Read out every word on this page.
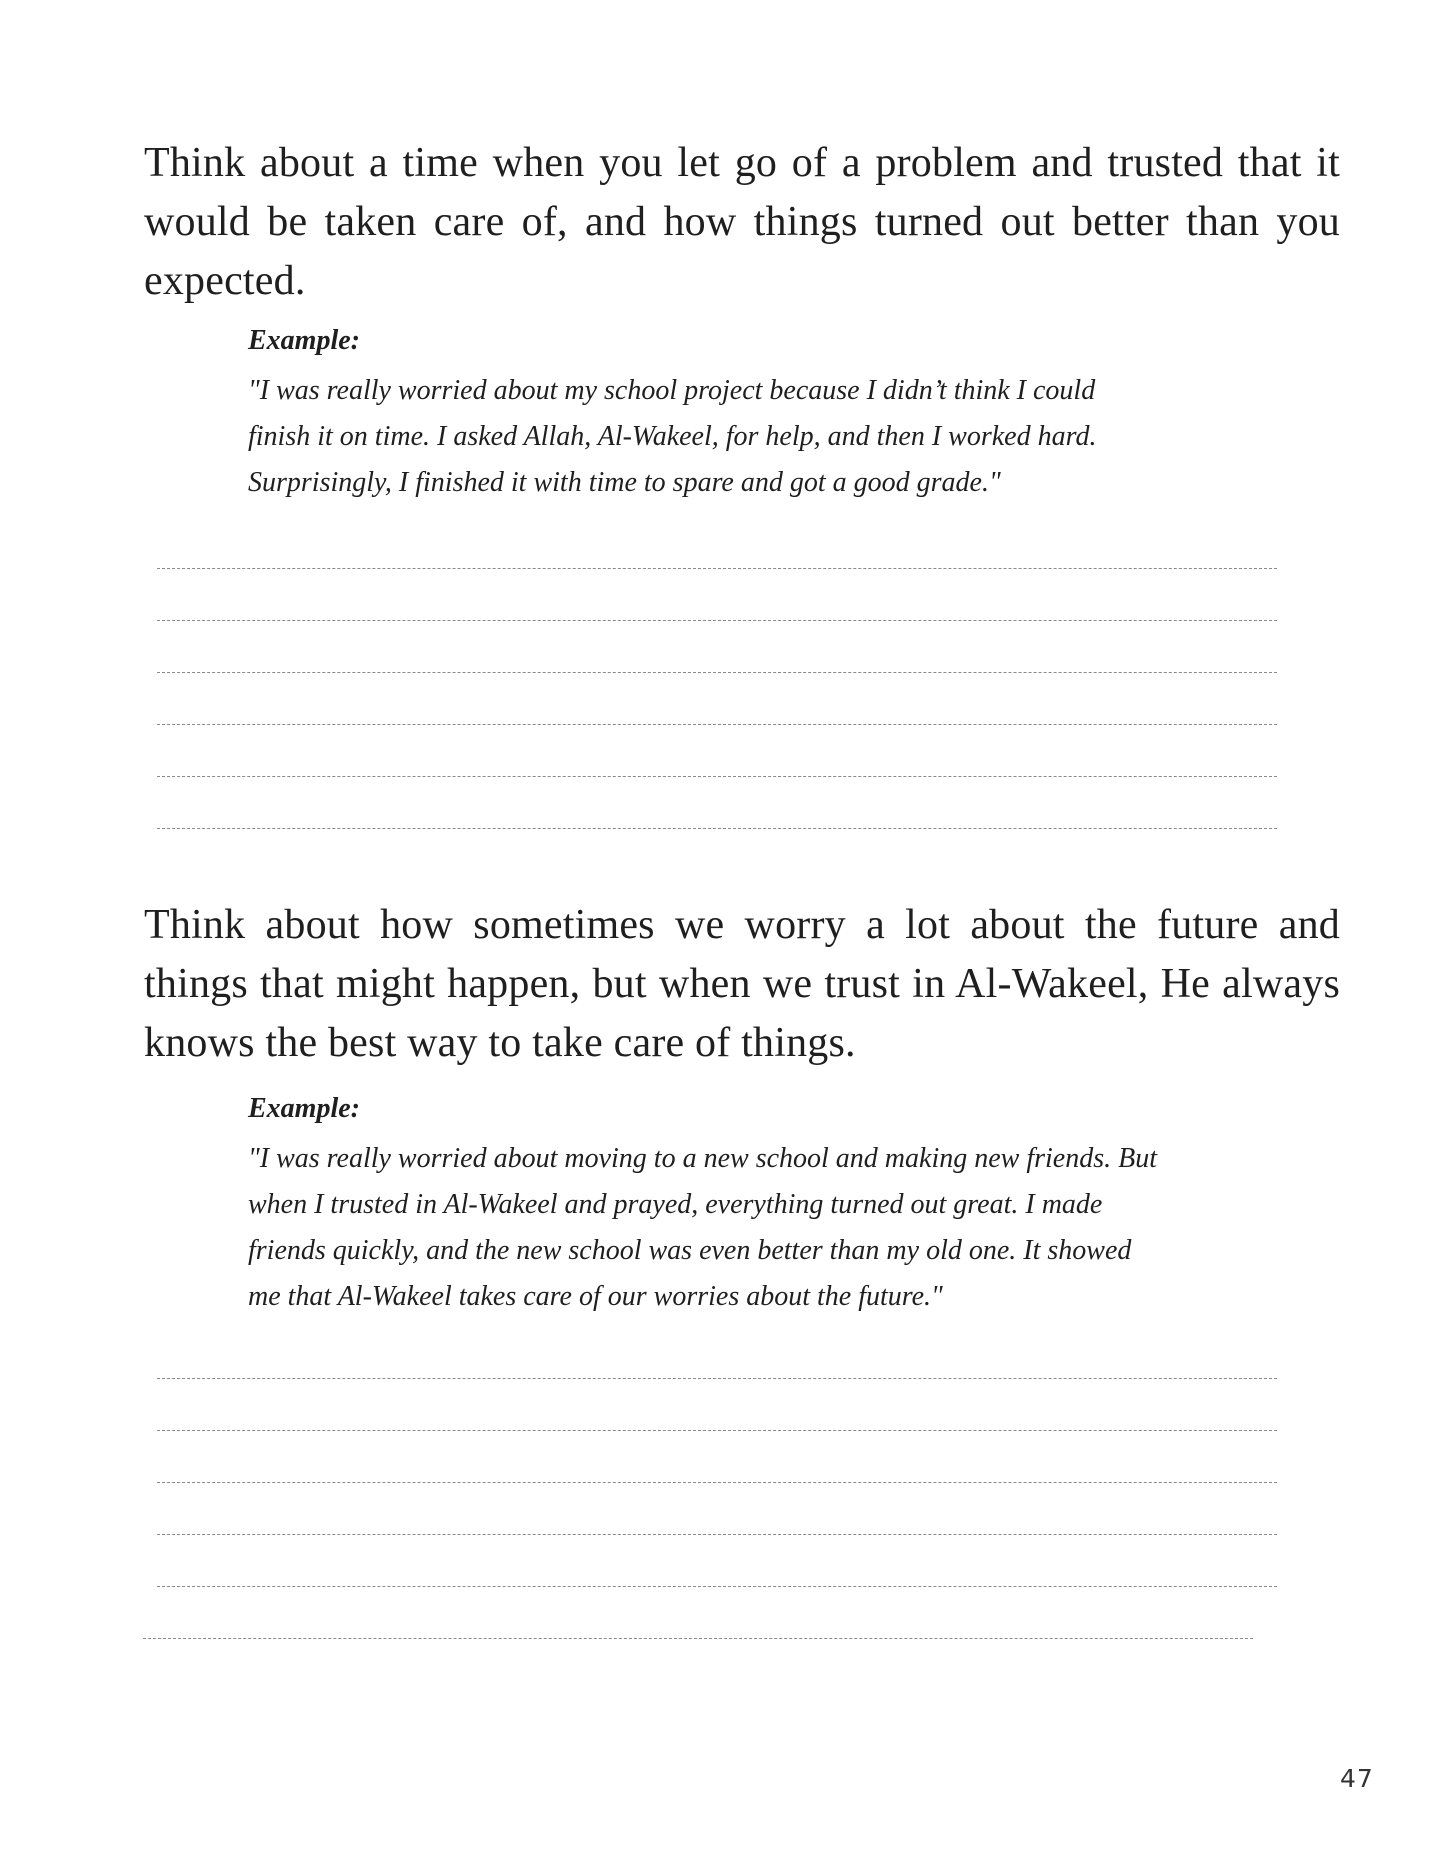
Think about a time when you let go of a problem and trusted that it would be taken care of, and how things turned out better than you expected.

Example:

"I was really worried about my school project because I didn’t think I could
finish it on time. I asked Allah, Al-Wakeel, for help, and then I worked hard.
Surprisingly, I finished it with time to spare and got a good grade."

Think about how sometimes we worry a lot about the future and things that might happen, but when we trust in Al-Wakeel, He always knows the best way to take care of things.

Example:

"I was really worried about moving to a new school and making new friends. But
when I trusted in Al-Wakeel and prayed, everything turned out great. I made
friends quickly, and the new school was even better than my old one. It showed
me that Al-Wakeel takes care of our worries about the future."

47
